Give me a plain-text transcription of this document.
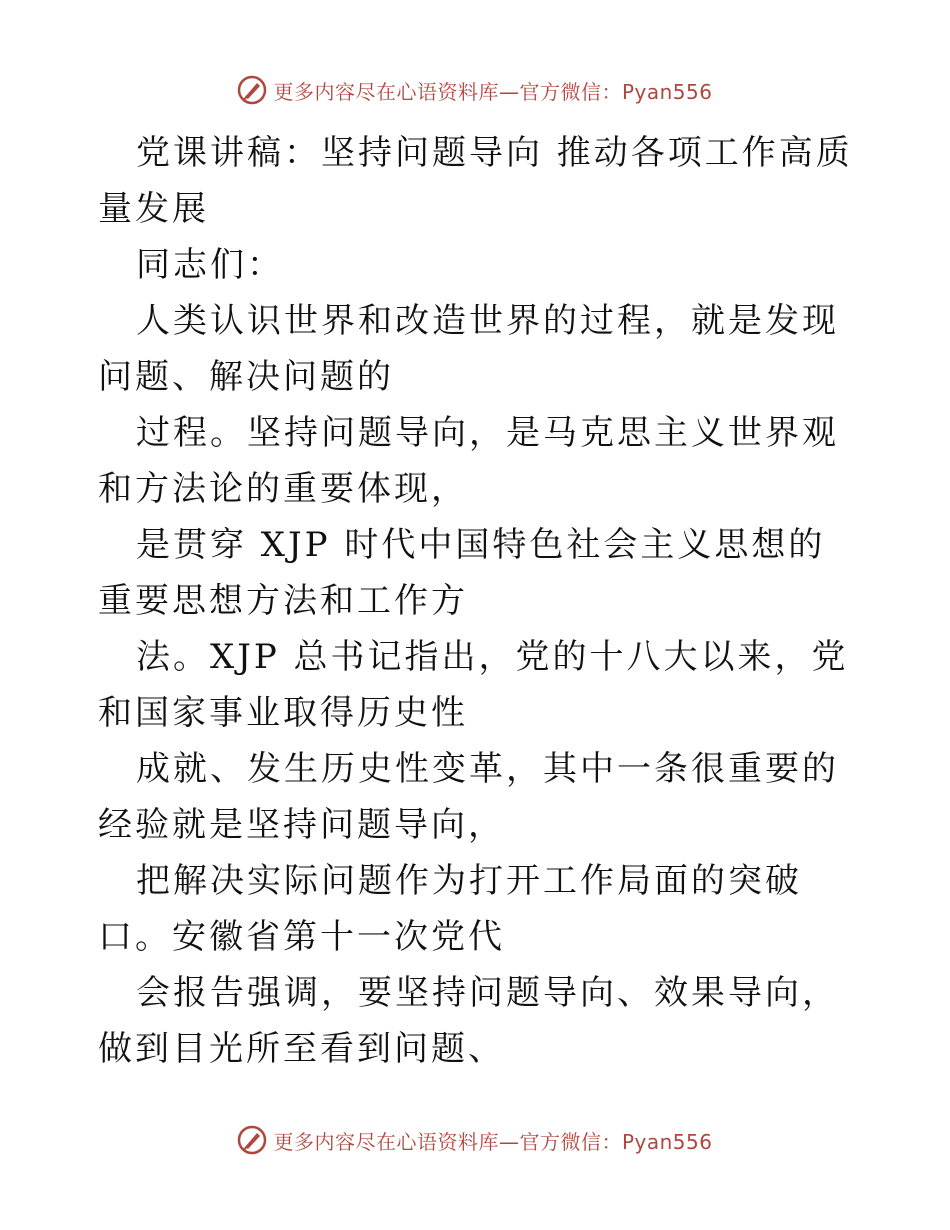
更多内容尽在心语资料库—官方微信：Pyan556

党课讲稿：坚持问题导向 推动各项工作高质量发展

同志们：

人类认识世界和改造世界的过程，就是发现问题、解决问题的

过程。坚持问题导向，是马克思主义世界观和方法论的重要体现，

是贯穿 XJP 时代中国特色社会主义思想的重要思想方法和工作方

法。XJP 总书记指出，党的十八大以来，党和国家事业取得历史性

成就、发生历史性变革，其中一条很重要的经验就是坚持问题导向，

把解决实际问题作为打开工作局面的突破口。安徽省第十一次党代

会报告强调，要坚持问题导向、效果导向，做到目光所至看到问题、

更多内容尽在心语资料库—官方微信：Pyan556
